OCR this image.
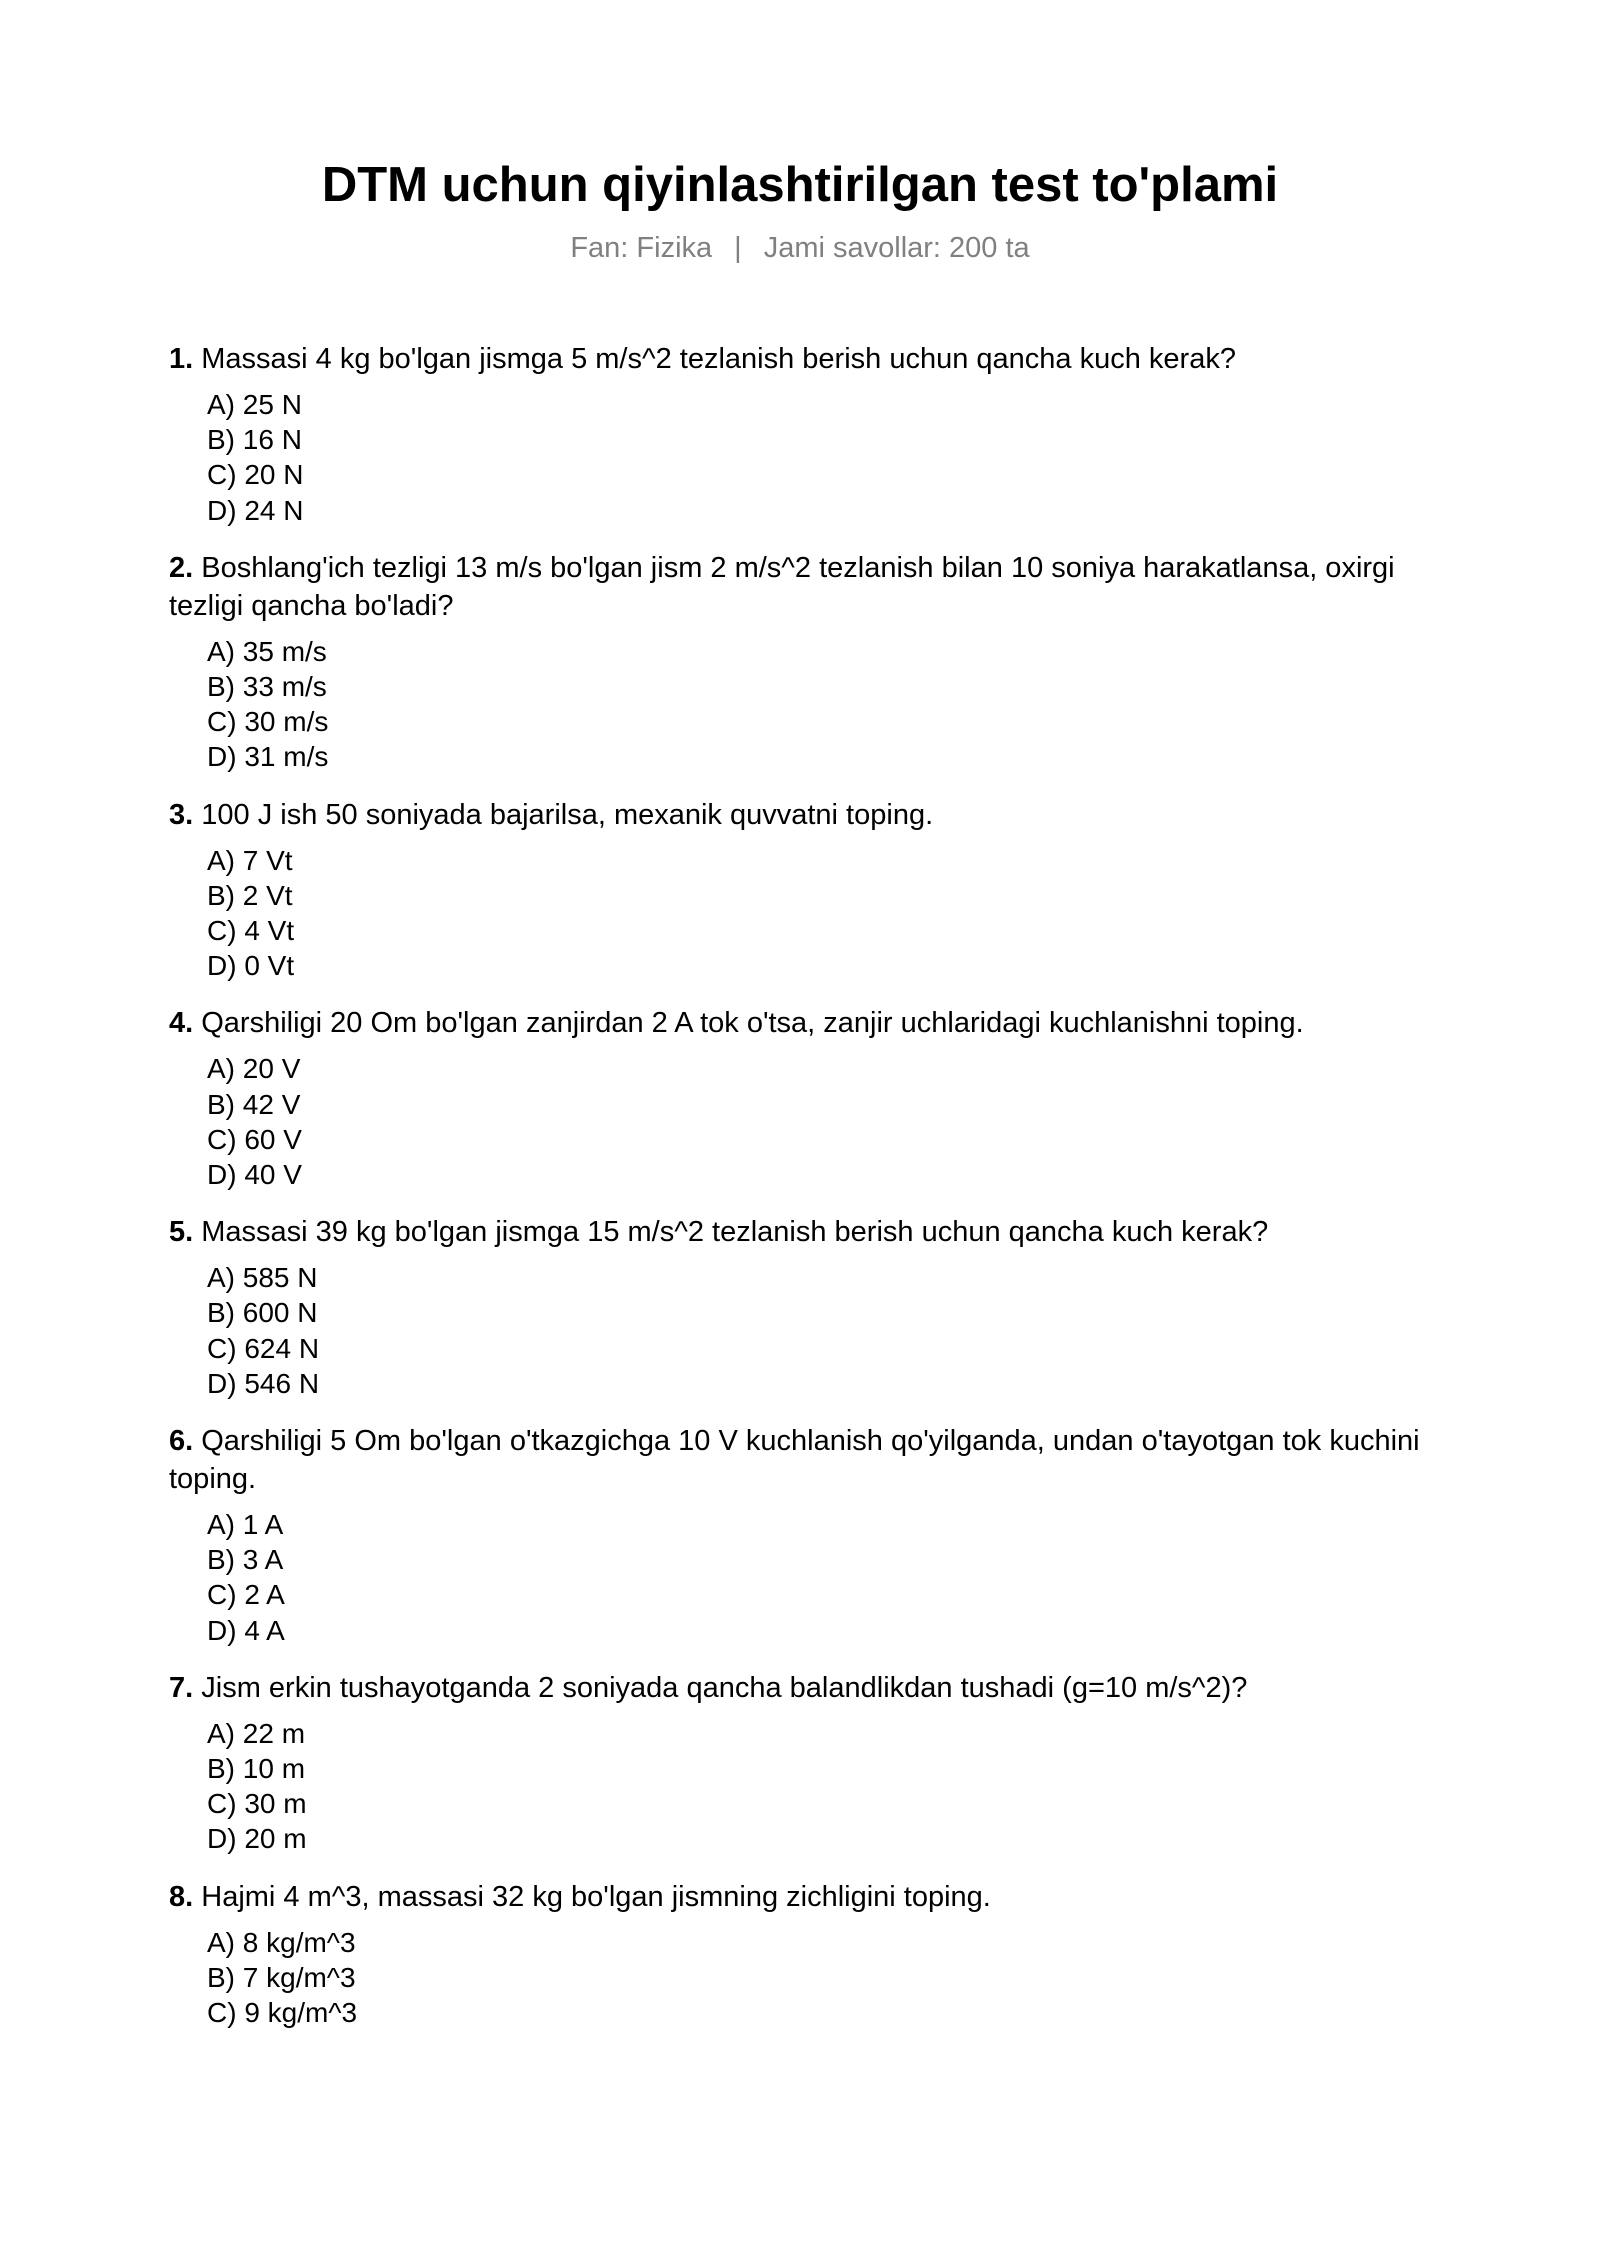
DTM uchun qiyinlashtirilgan test to'plami
Fan: Fizika | Jami savollar: 200 ta

1. Massasi 4 kg bo'lgan jismga 5 m/s^2 tezlanish berish uchun qancha kuch kerak?

A) 25 N
B) 16 N
C) 20 N
D) 24 N

2. Boshlang'ich tezligi 13 m/s bo'lgan jism 2 m/s^2 tezlanish bilan 10 soniya harakatlansa, oxirgi tezligi qancha bo'ladi?

A) 35 m/s
B) 33 m/s
C) 30 m/s
D) 31 m/s

3. 100 J ish 50 soniyada bajarilsa, mexanik quvvatni toping.

A) 7 Vt
B) 2 Vt
C) 4 Vt
D) 0 Vt

4. Qarshiligi 20 Om bo'lgan zanjirdan 2 A tok o'tsa, zanjir uchlaridagi kuchlanishni toping.

A) 20 V
B) 42 V
C) 60 V
D) 40 V

5. Massasi 39 kg bo'lgan jismga 15 m/s^2 tezlanish berish uchun qancha kuch kerak?

A) 585 N
B) 600 N
C) 624 N
D) 546 N

6. Qarshiligi 5 Om bo'lgan o'tkazgichga 10 V kuchlanish qo'yilganda, undan o'tayotgan tok kuchini toping.

A) 1 A
B) 3 A
C) 2 A
D) 4 A

7. Jism erkin tushayotganda 2 soniyada qancha balandlikdan tushadi (g=10 m/s^2)?

A) 22 m
B) 10 m
C) 30 m
D) 20 m

8. Hajmi 4 m^3, massasi 32 kg bo'lgan jismning zichligini toping.

A) 8 kg/m^3
B) 7 kg/m^3
C) 9 kg/m^3
